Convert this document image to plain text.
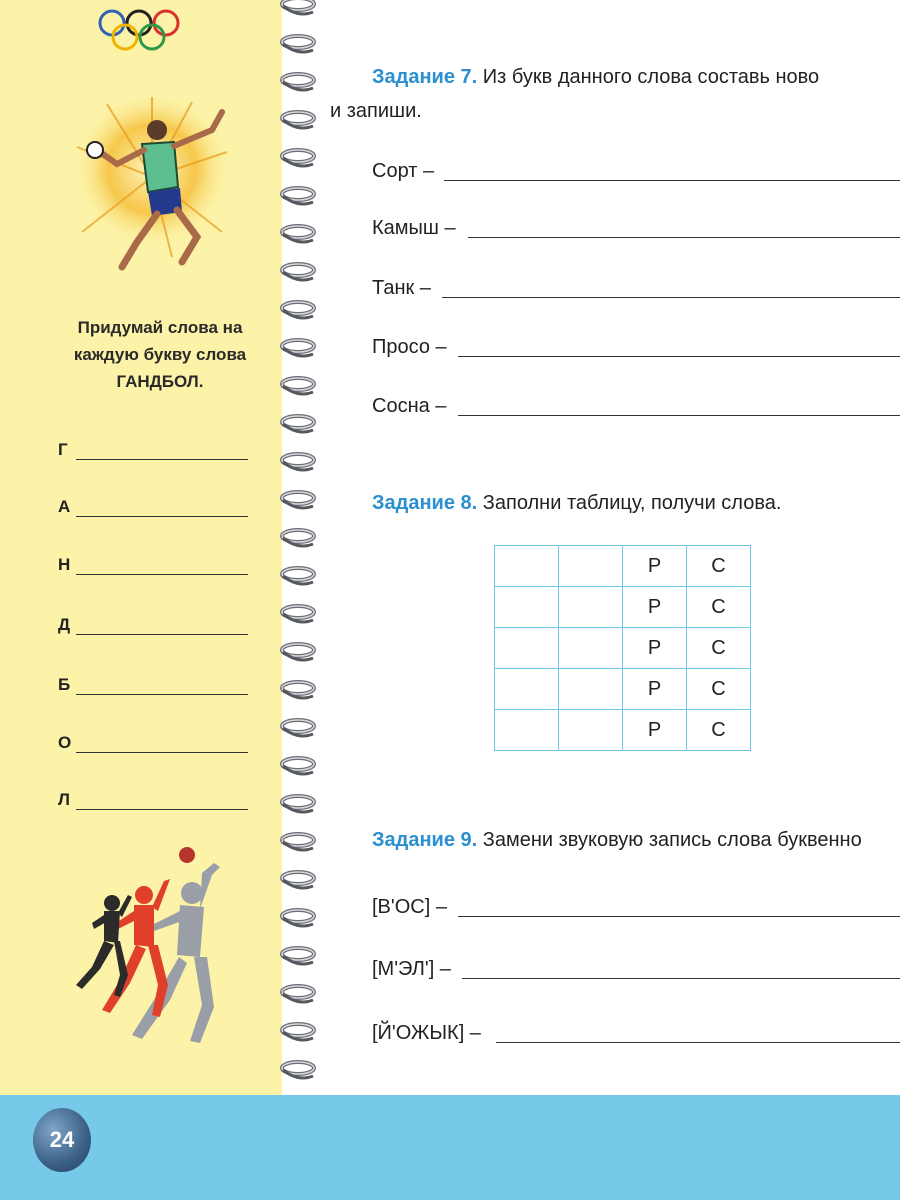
Придумай слова на
каждую букву слова
ГАНДБОЛ.
Г
А
Н
Д
Б
О
Л
Задание 7. Из букв данного слова составь ново
и запиши.
Сорт –
Камыш –
Танк –
Просо –
Сосна –
Задание 8. Заполни таблицу, получи слова.
		Р	С
		Р	С
		Р	С
		Р	С
		Р	С
Задание 9. Замени звуковую запись слова буквенно
[В'ОС] –
[М'ЭЛ'] –
[Й'ОЖЫК] –
24
